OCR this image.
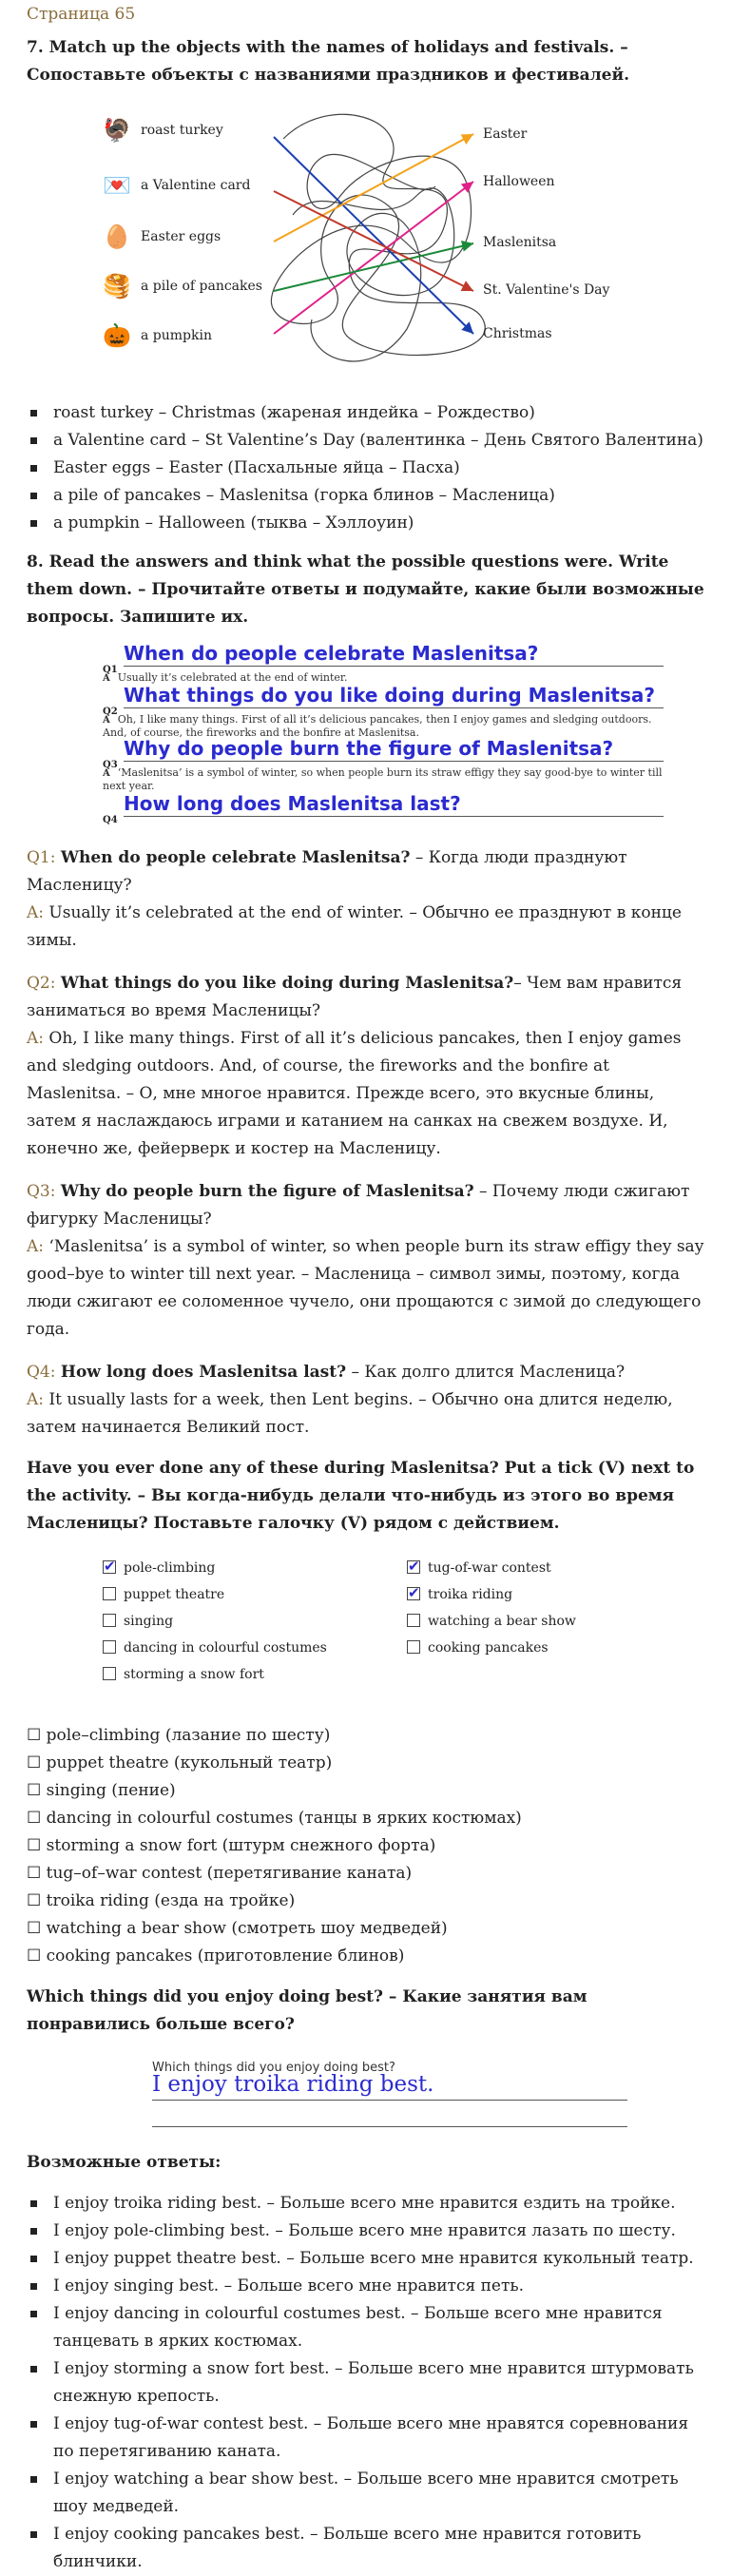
Страница 65
7. Match up the objects with the names of holidays and festivals. – Сопоставьте объекты с названиями праздников и фестивалей.
🦃 roast turkey
💌 a Valentine card
🥚 Easter eggs
🥞 a pile of pancakes
🎃 a pumpkin
Easter
Halloween
Maslenitsa
St. Valentine's Day
Christmas
roast turkey – Christmas (жареная индейка – Рождество)
a Valentine card – St Valentine’s Day (валентинка – День Святого Валентина)
Easter eggs – Easter (Пасхальные яйца – Пасха)
a pile of pancakes – Maslenitsa (горка блинов – Масленица)
a pumpkin – Halloween (тыква – Хэллоуин)
8. Read the answers and think what the possible questions were. Write them down. – Прочитайте ответы и подумайте, какие были возможные вопросы. Запишите их.
Q1
When do people celebrate Maslenitsa?
A Usually it’s celebrated at the end of winter.
Q2
What things do you like doing during Maslenitsa?
A Oh, I like many things. First of all it’s delicious pancakes, then I enjoy games and sledging outdoors. And, of course, the fireworks and the bonfire at Maslenitsa.
Q3
Why do people burn the figure of Maslenitsa?
A ‘Maslenitsa’ is a symbol of winter, so when people burn its straw effigy they say good-bye to winter till next year.
Q4
How long does Maslenitsa last?

Q1: When do people celebrate Maslenitsa? – Когда люди празднуют Масленицу?

A: Usually it’s celebrated at the end of winter. – Обычно ее празднуют в конце зимы.

Q2: What things do you like doing during Maslenitsa?– Чем вам нравится заниматься во время Масленицы?

A: Oh, I like many things. First of all it’s delicious pancakes, then I enjoy games and sledging outdoors. And, of course, the fireworks and the bonfire at Maslenitsa. – О, мне многое нравится. Прежде всего, это вкусные блины, затем я наслаждаюсь играми и катанием на санках на свежем воздухе. И, конечно же, фейерверк и костер на Масленицу.

Q3: Why do people burn the figure of Maslenitsa? – Почему люди сжигают фигурку Масленицы?

A: ‘Maslenitsa’ is a symbol of winter, so when people burn its straw effigy they say good–bye to winter till next year. – Масленица – символ зимы, поэтому, когда люди сжигают ее соломенное чучело, они прощаются с зимой до следующего года.

Q4: How long does Maslenitsa last? – Как долго длится Масленица?

A: It usually lasts for a week, then Lent begins. – Обычно она длится неделю, затем начинается Великий пост.

Have you ever done any of these during Maslenitsa? Put a tick (V) next to the activity. – Вы когда-нибудь делали что-нибудь из этого во время Масленицы? Поставьте галочку (V) рядом с действием.
✔pole-climbing
puppet theatre
singing
dancing in colourful costumes
storming a snow fort
✔tug-of-war contest
✔troika riding
watching a bear show
cooking pancakes

☐ pole–climbing (лазание по шесту)

☐ puppet theatre (кукольный театр)

☐ singing (пение)

☐ dancing in colourful costumes (танцы в ярких костюмах)

☐ storming a snow fort (штурм снежного форта)

☐ tug–of–war contest (перетягивание каната)

☐ troika riding (езда на тройке)

☐ watching a bear show (смотреть шоу медведей)

☐ cooking pancakes (приготовление блинов)

Which things did you enjoy doing best? – Какие занятия вам понравились больше всего?
Which things did you enjoy doing best?
I enjoy troika riding best.
Возможные ответы:
I enjoy troika riding best. – Больше всего мне нравится ездить на тройке.
I enjoy pole-climbing best. – Больше всего мне нравится лазать по шесту.
I enjoy puppet theatre best. – Больше всего мне нравится кукольный театр.
I enjoy singing best. – Больше всего мне нравится петь.
I enjoy dancing in colourful costumes best. – Больше всего мне нравится танцевать в ярких костюмах.
I enjoy storming a snow fort best. – Больше всего мне нравится штурмовать снежную крепость.
I enjoy tug-of-war contest best. – Больше всего мне нравятся соревнования по перетягиванию каната.
I enjoy watching a bear show best. – Больше всего мне нравится смотреть шоу медведей.
I enjoy cooking pancakes best. – Больше всего мне нравится готовить блинчики.
